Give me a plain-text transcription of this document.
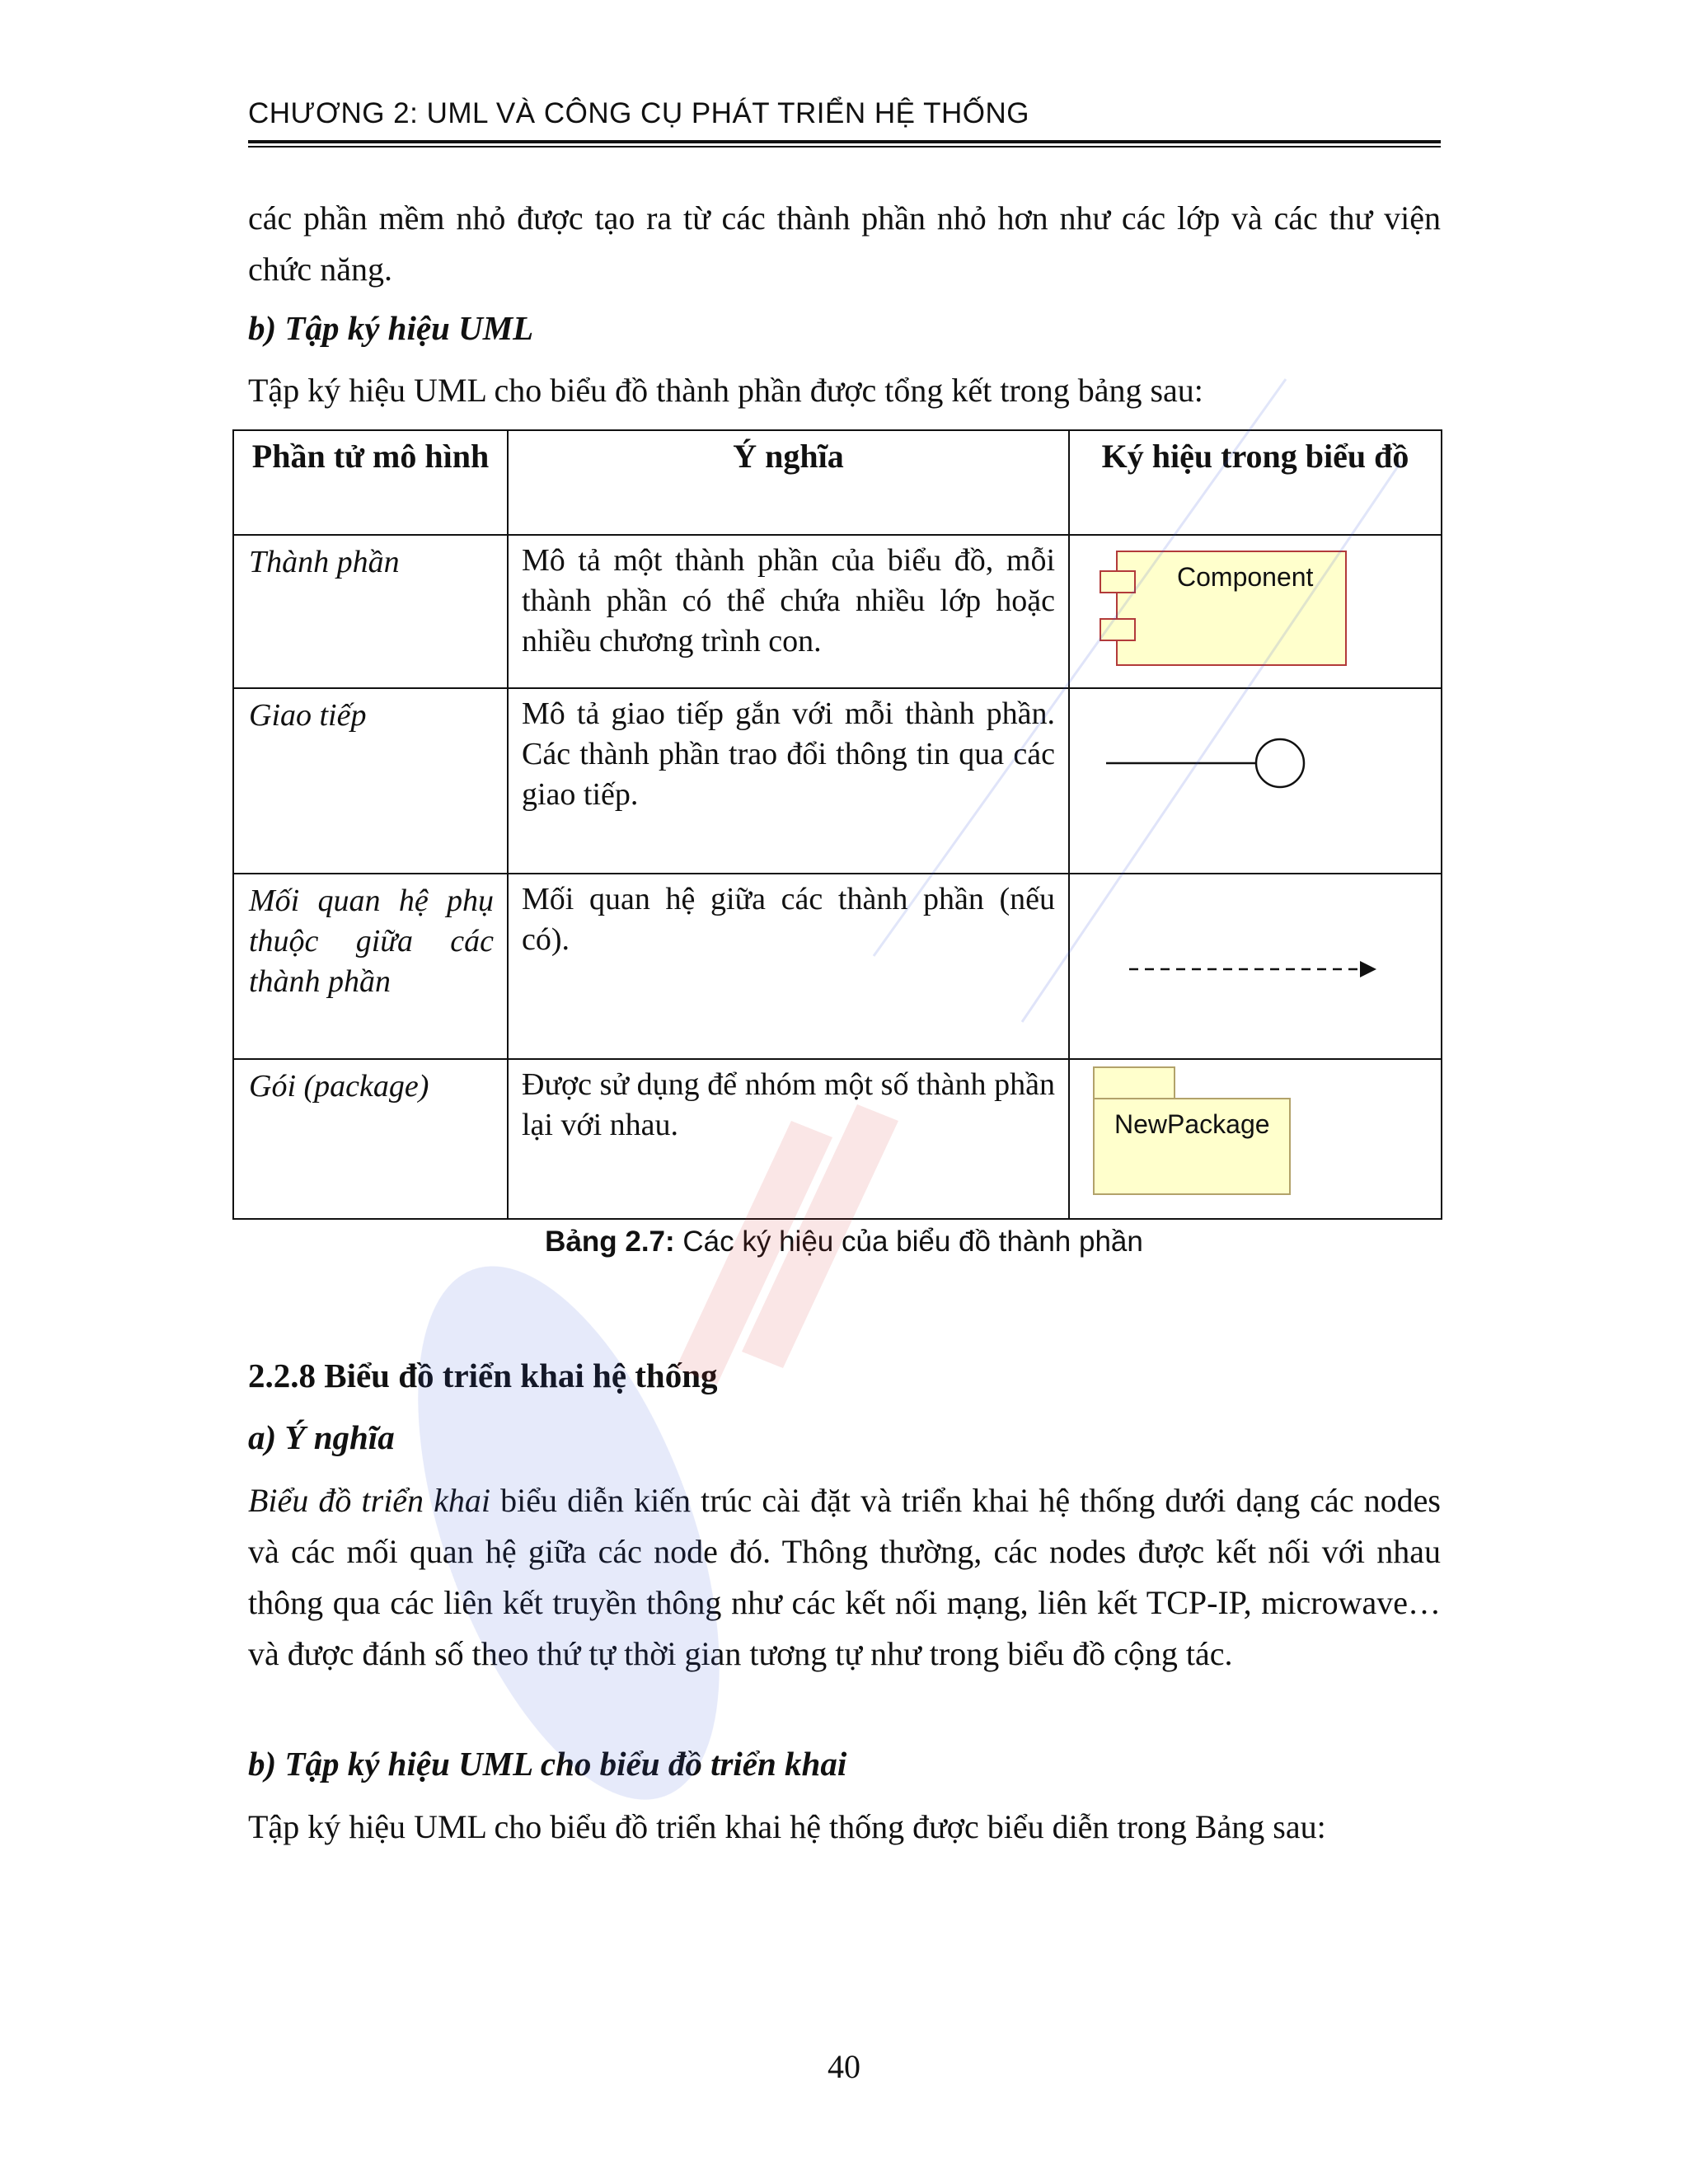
CHƯƠNG 2: UML VÀ CÔNG CỤ PHÁT TRIỂN HỆ THỐNG

các phần mềm nhỏ được tạo ra từ các thành phần nhỏ hơn như các lớp và các thư viện chức năng.

b) Tập ký hiệu UML

Tập ký hiệu UML cho biểu đồ thành phần được tổng kết trong bảng sau:

Phần tử mô hình	Ý nghĩa	Ký hiệu trong biểu đồ
Thành phần	Mô tả một thành phần của biểu đồ, mỗi thành phần có thể chứa nhiều lớp hoặc nhiều chương trình con.	Component

Giao tiếp	Mô tả giao tiếp gắn với mỗi thành phần. Các thành phần trao đổi thông tin qua các giao tiếp.	

Mối quan hệ phụ thuộc giữa các thành phần	Mối quan hệ giữa các thành phần (nếu có).	

Gói (package)	Được sử dụng để nhóm một số thành phần lại với nhau.	NewPackage
Bảng 2.7: Các ký hiệu của biểu đồ thành phần

2.2.8 Biểu đồ triển khai hệ thống

a) Ý nghĩa

Biểu đồ triển khai biểu diễn kiến trúc cài đặt và triển khai hệ thống dưới dạng các nodes và các mối quan hệ giữa các node đó. Thông thường, các nodes được kết nối với nhau thông qua các liên kết truyền thông như các kết nối mạng, liên kết TCP-IP, microwave… và được đánh số theo thứ tự thời gian tương tự như trong biểu đồ cộng tác.

b) Tập ký hiệu UML cho biểu đồ triển khai

Tập ký hiệu UML cho biểu đồ triển khai hệ thống được biểu diễn trong Bảng sau:

40
